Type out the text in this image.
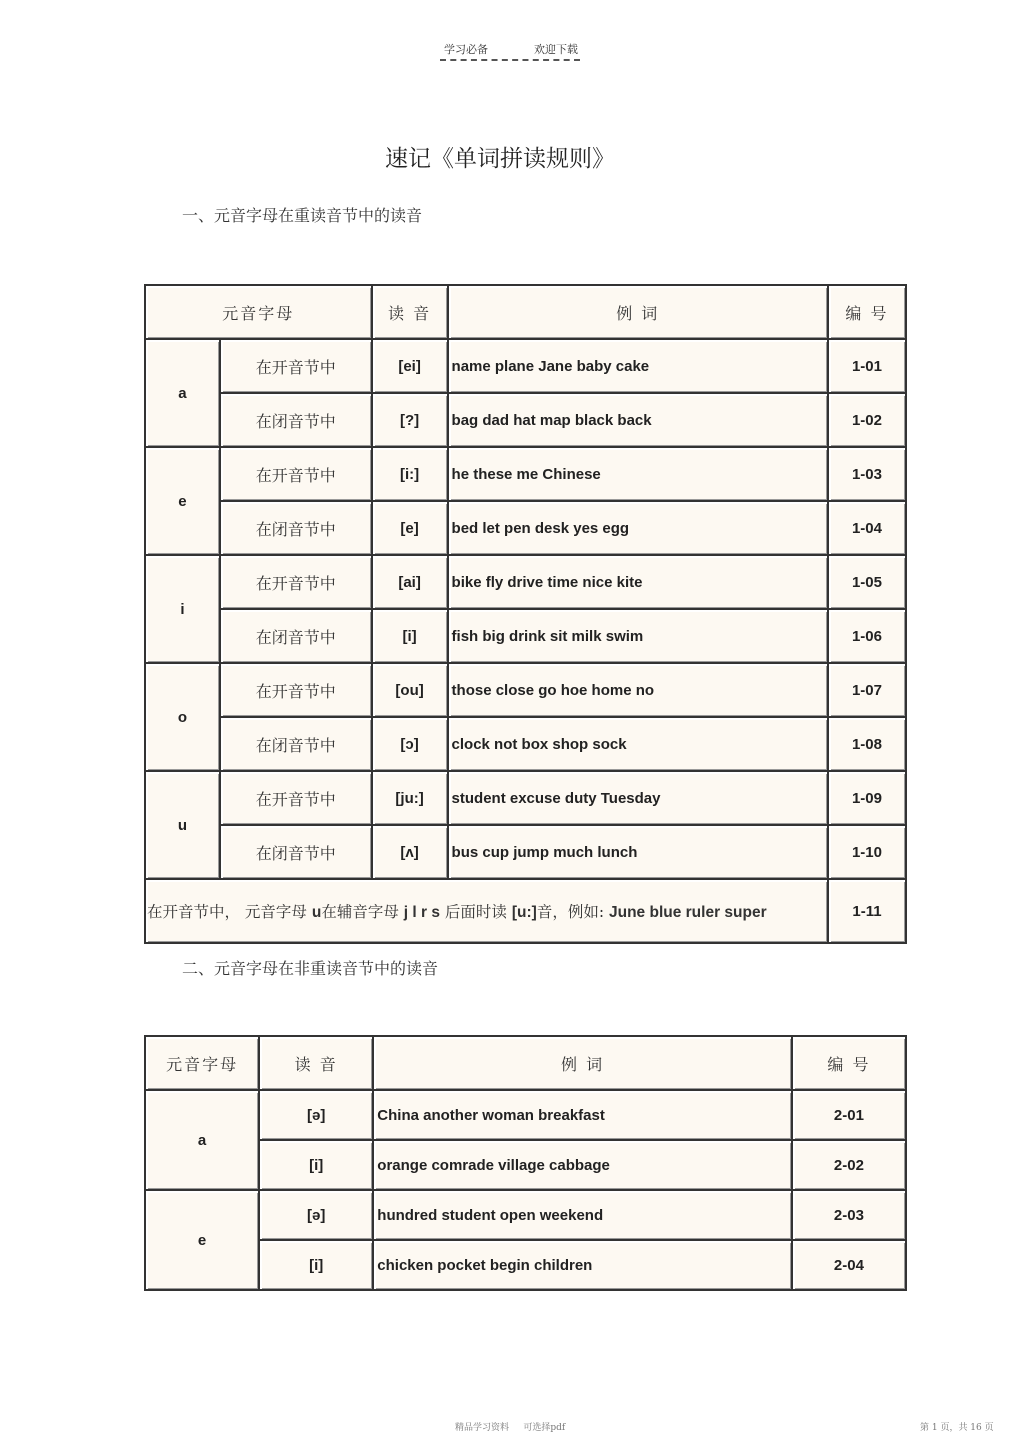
学习必备	欢迎下载
速记《单词拼读规则》
一、元音字母在重读音节中的读音
元音字母		读 音	例 词	编 号
a	在开音节中	[ei]	name plane Jane baby cake	1-01
	在闭音节中	[?]	bag dad hat map black back	1-02
e	在开音节中	[i:]	he these me Chinese	1-03
	在闭音节中	[e]	bed let pen desk yes egg	1-04
i	在开音节中	[ai]	bike fly drive time nice kite	1-05
	在闭音节中	[i]	fish big drink sit milk swim	1-06
o	在开音节中	[ou]	those close go hoe home no	1-07
	在闭音节中	[ɔ]	clock not box shop sock	1-08
u	在开音节中	[ju:]	student excuse duty Tuesday	1-09
	在闭音节中	[ʌ]	bus cup jump much lunch	1-10
在开音节中， 元音字母 u在辅音字母 j l r s 后面时读 [u:]音，例如: June blue ruler super				1-11
二、元音字母在非重读音节中的读音
元音字母	读 音	例 词	编 号
a	[ə]	China another woman breakfast	2-01
	[i]	orange comrade village cabbage	2-02
e	[ə]	hundred student open weekend	2-03
	[i]	chicken pocket begin children	2-04
精品学习资料 可选择pdf	第 1 页，共 16 页
